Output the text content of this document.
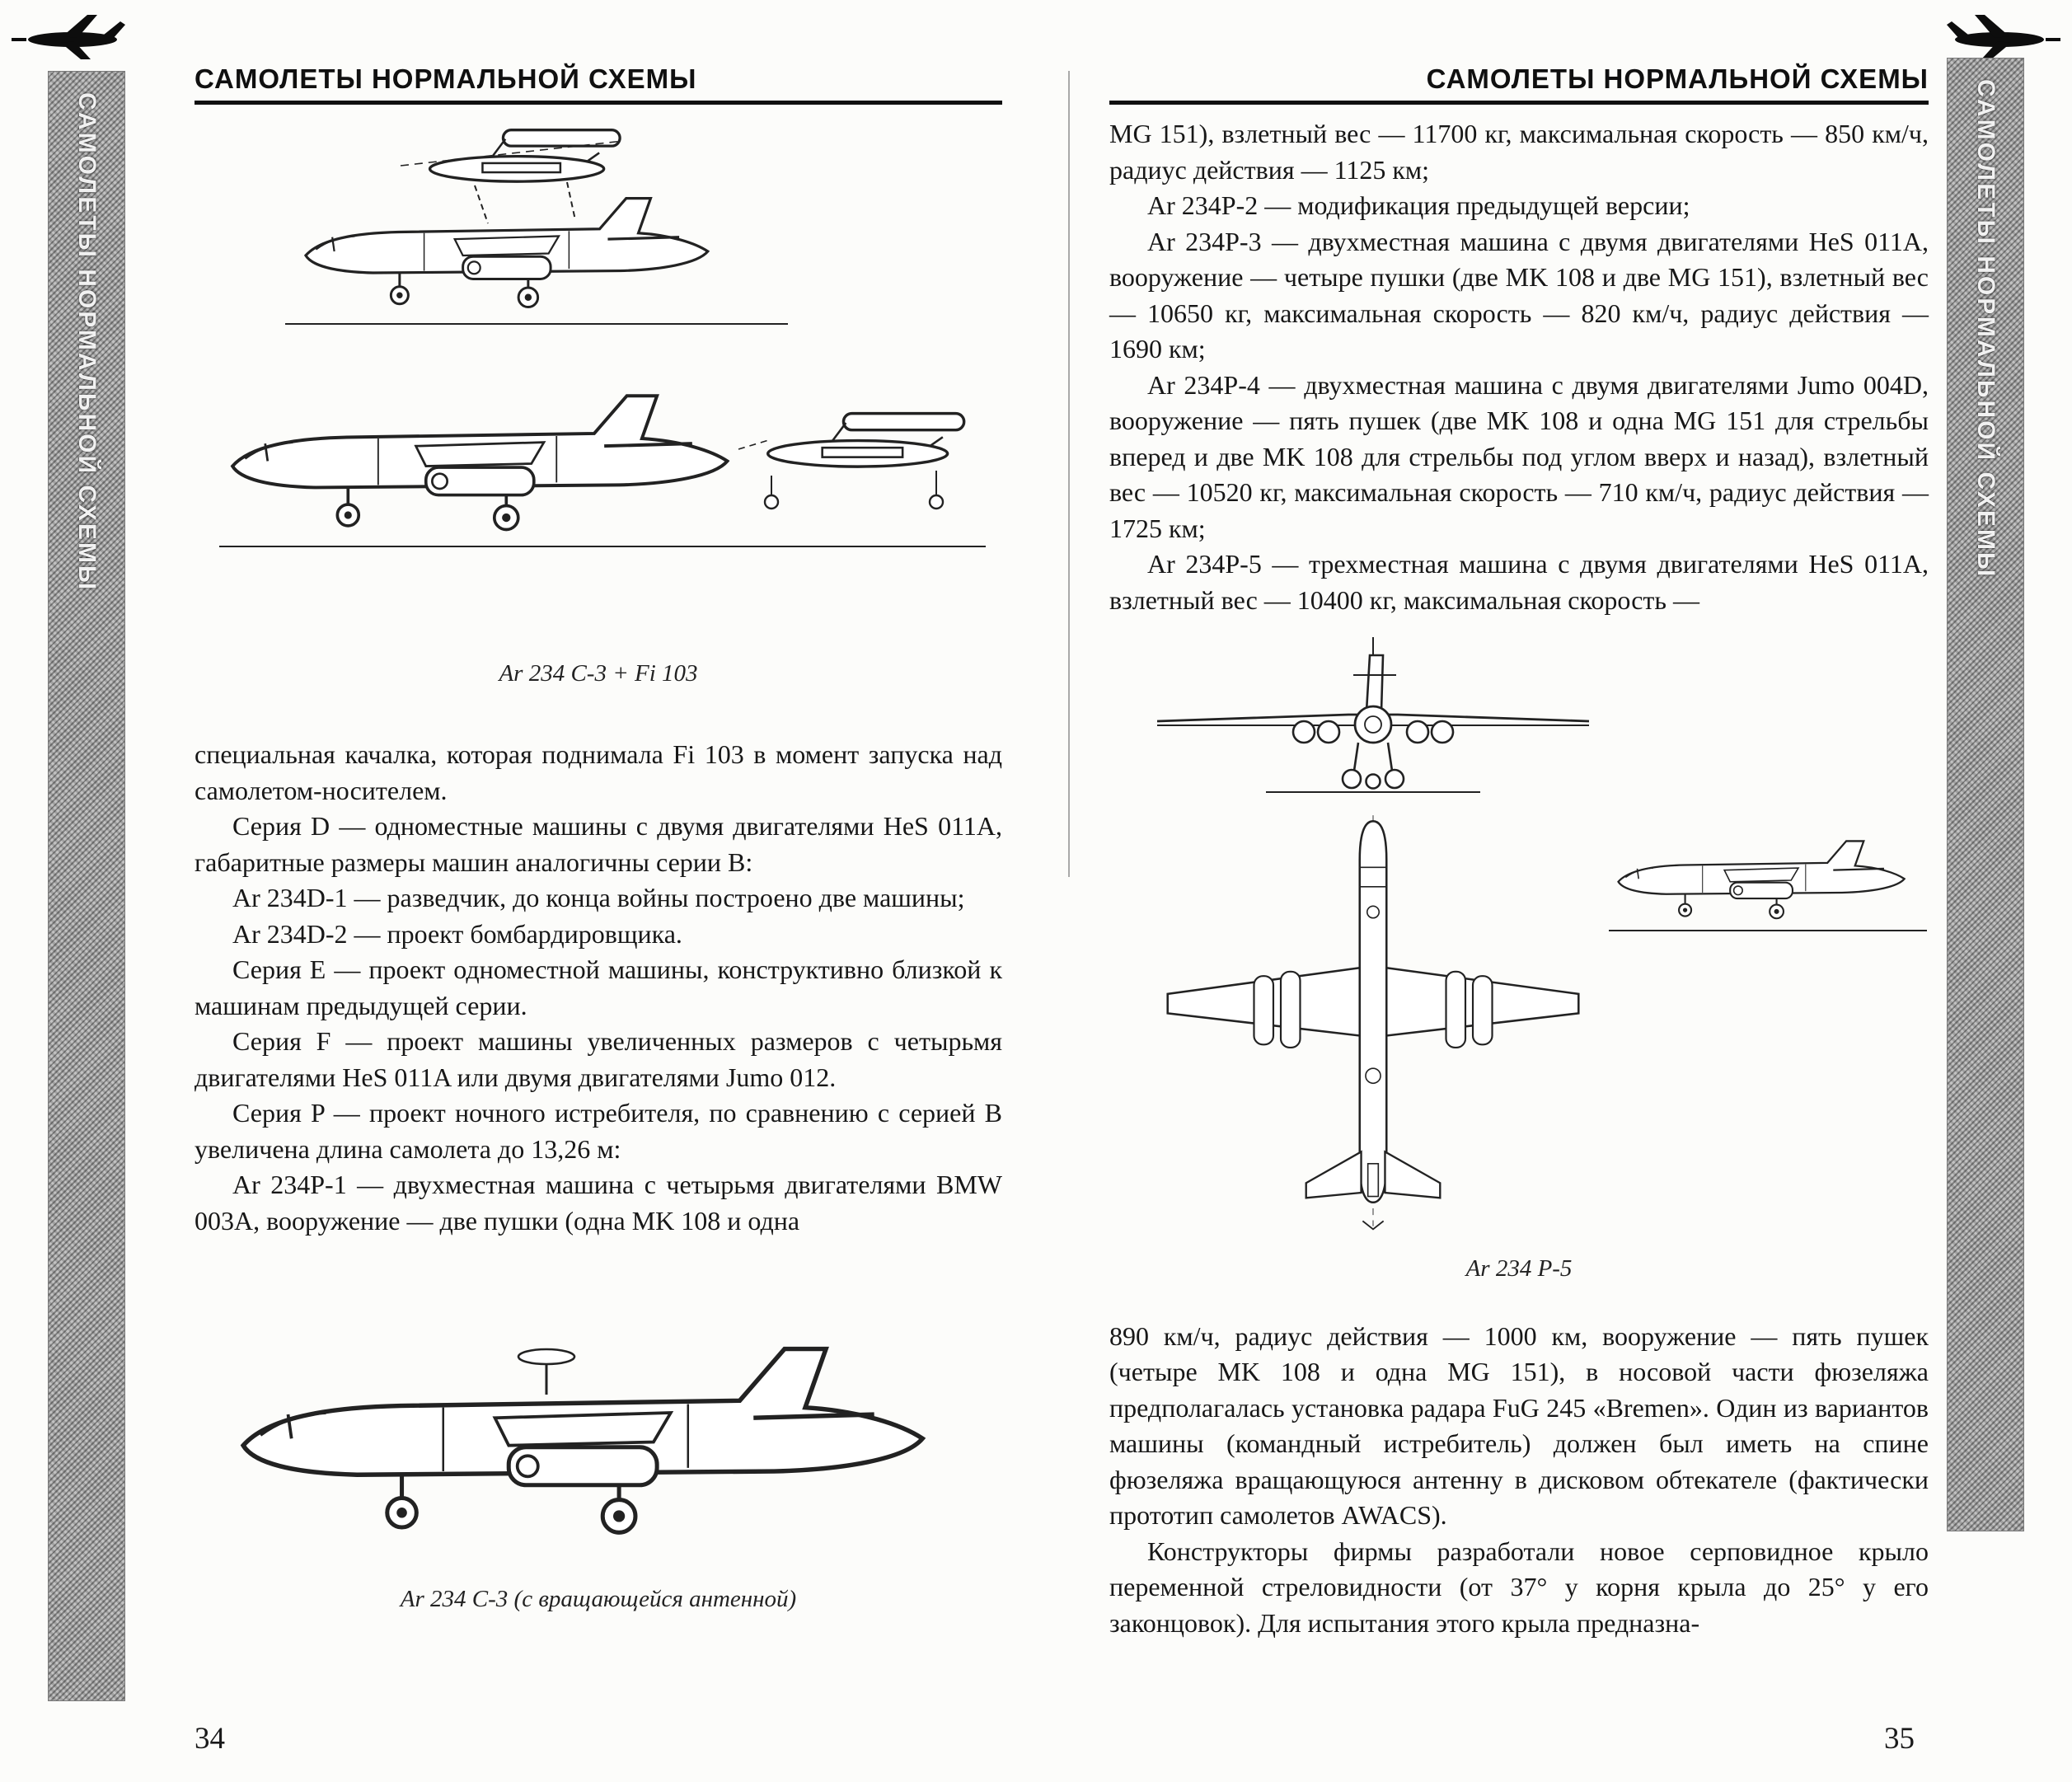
САМОЛЕТЫ НОРМАЛЬНОЙ СХЕМЫ	САМОЛЕТЫ НОРМАЛЬНОЙ СХЕМЫ
САМОЛЕТЫ НОРМАЛЬНОЙ СХЕМЫ
Ar 234 C-3 + Fi 103

специальная качалка, которая поднимала Fi 103 в момент запуска над самолетом-носителем.

Серия D — одноместные машины с двумя двигателями HeS 011A, габаритные размеры машин аналогичны серии B:

Ar 234D-1 — разведчик, до конца войны построено две машины;

Ar 234D-2 — проект бомбардировщика.

Серия E — проект одноместной машины, конструктивно близкой к машинам предыдущей серии.

Серия F — проект машины увеличенных размеров с четырьмя двигателями HeS 011A или двумя двигателями Jumo 012.

Серия P — проект ночного истребителя, по сравнению с серией B увеличена длина самолета до 13,26 м:

Ar 234P-1 — двухместная машина с четырьмя двигателями BMW 003A, вооружение — две пушки (одна MK 108 и одна

Ar 234 C-3 (с вращающейся антенной)
САМОЛЕТЫ НОРМАЛЬНОЙ СХЕМЫ

MG 151), взлетный вес — 11700 кг, максимальная скорость — 850 км/ч, радиус действия — 1125 км;

Ar 234P-2 — модификация предыдущей версии;

Ar 234P-3 — двухместная машина с двумя двигателями HeS 011A, вооружение — четыре пушки (две MK 108 и две MG 151), взлетный вес — 10650 кг, максимальная скорость — 820 км/ч, радиус действия — 1690 км;

Ar 234P-4 — двухместная машина с двумя двигателями Jumo 004D, вооружение — пять пушек (две MK 108 и одна MG 151 для стрельбы вперед и две MK 108 для стрельбы под углом вверх и назад), взлетный вес — 10520 кг, максимальная скорость — 710 км/ч, радиус действия — 1725 км;

Ar 234P-5 — трехместная машина с двумя двигателями HeS 011A, взлетный вес — 10400 кг, максимальная скорость —

Ar 234 P-5

890 км/ч, радиус действия — 1000 км, вооружение — пять пушек (четыре MK 108 и одна MG 151), в носовой части фюзеляжа предполагалась установка радара FuG 245 «Bremen». Один из вариантов машины (командный истребитель) должен был иметь на спине фюзеляжа вращающуюся антенну в дисковом обтекателе (фактически прототип самолетов AWACS).

Конструкторы фирмы разработали новое серповидное крыло переменной стреловидности (от 37° у корня крыла до 25° у его законцовок). Для испытания этого крыла предназна-

34	35
